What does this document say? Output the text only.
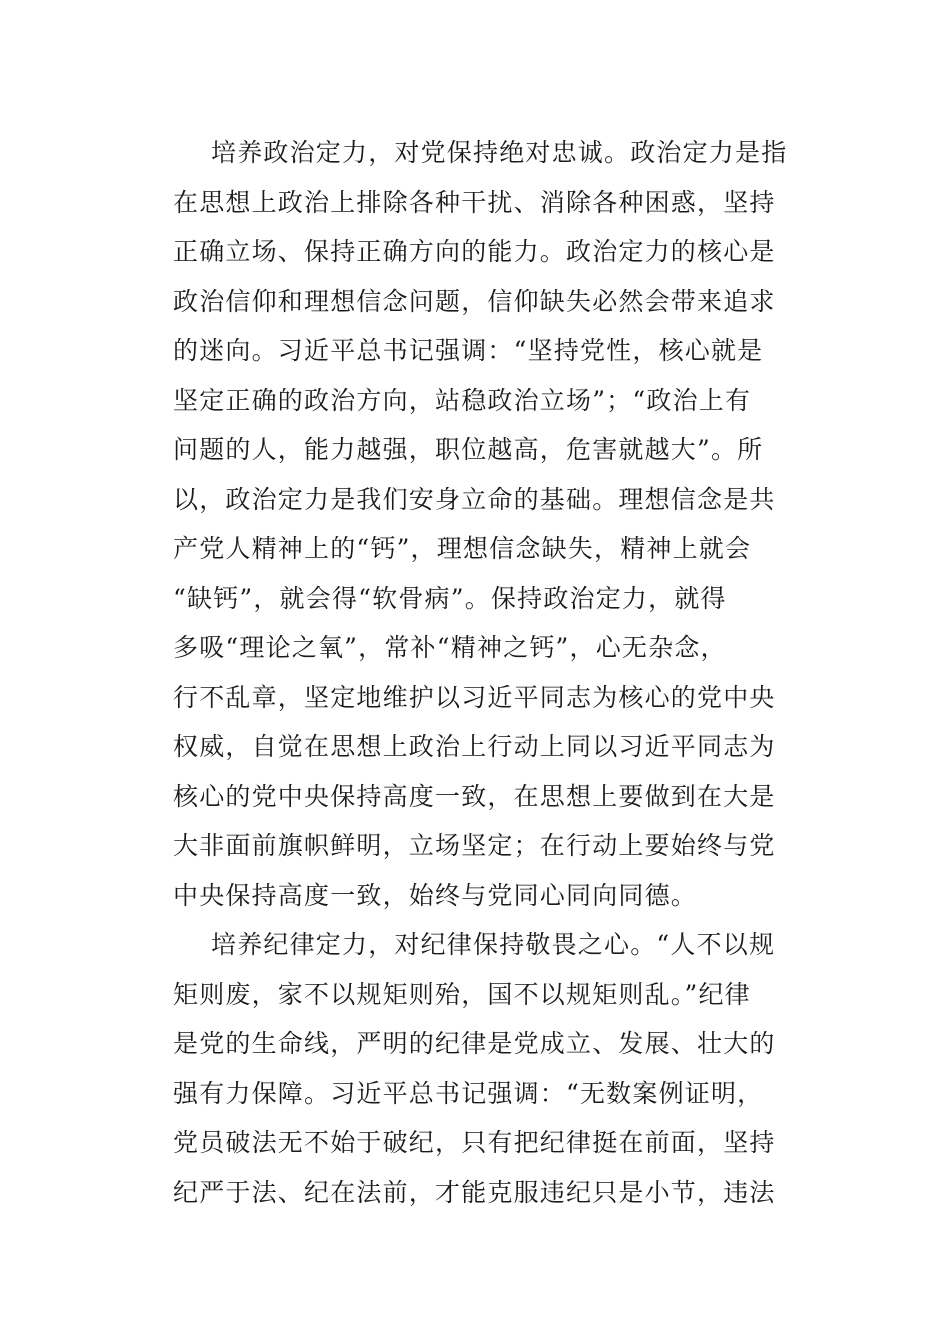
培养政治定力，对党保持绝对忠诚。政治定力是指
在思想上政治上排除各种干扰、消除各种困惑，坚持
正确立场、保持正确方向的能力。政治定力的核心是
政治信仰和理想信念问题，信仰缺失必然会带来追求
的迷向。习近平总书记强调：“坚持党性，核心就是
坚定正确的政治方向，站稳政治立场”；“政治上有
问题的人，能力越强，职位越高，危害就越大”。所
以，政治定力是我们安身立命的基础。理想信念是共
产党人精神上的“钙”，理想信念缺失，精神上就会
“缺钙”，就会得“软骨病”。保持政治定力，就得
多吸“理论之氧”，常补“精神之钙”，心无杂念，
行不乱章，坚定地维护以习近平同志为核心的党中央
权威，自觉在思想上政治上行动上同以习近平同志为
核心的党中央保持高度一致，在思想上要做到在大是
大非面前旗帜鲜明，立场坚定；在行动上要始终与党
中央保持高度一致，始终与党同心同向同德。
培养纪律定力，对纪律保持敬畏之心。“人不以规
矩则废，家不以规矩则殆，国不以规矩则乱。”纪律
是党的生命线，严明的纪律是党成立、发展、壮大的
强有力保障。习近平总书记强调：“无数案例证明，
党员破法无不始于破纪，只有把纪律挺在前面，坚持
纪严于法、纪在法前，才能克服违纪只是小节，违法
